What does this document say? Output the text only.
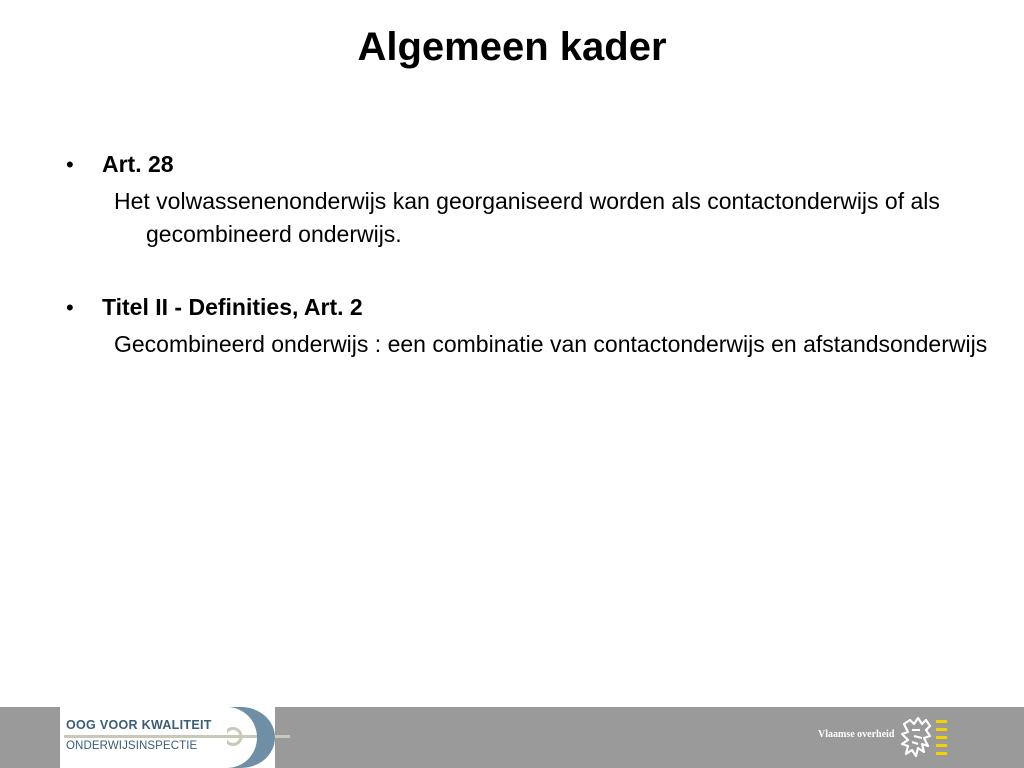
Algemeen kader
•	Art. 28
Het volwassenenonderwijs kan georganiseerd worden als contactonderwijs of als gecombineerd onderwijs.
•	Titel II - Definities, Art. 2
Gecombineerd onderwijs : een combinatie van contactonderwijs en afstandsonderwijs
OOG VOOR KWALITEIT
ONDERWIJSINSPECTIE
Vlaamse overheid
